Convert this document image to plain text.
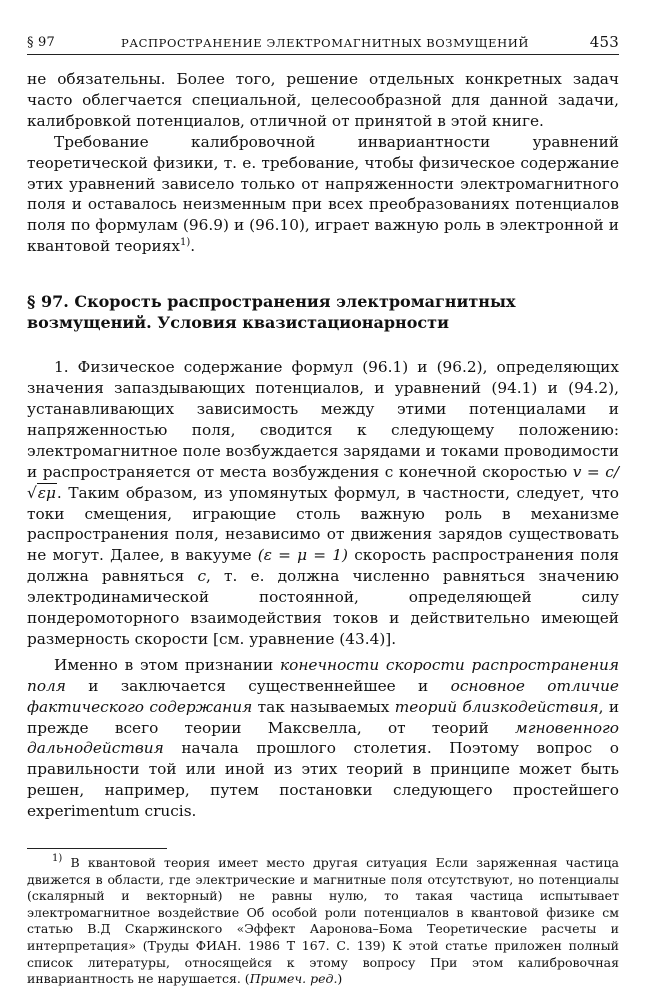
§ 97	РАСПРОСТРАНЕНИЕ ЭЛЕКТРОМАГНИТНЫХ ВОЗМУЩЕНИЙ	453

не обязательны. Более того, решение отдельных конкретных задач часто облегчается специальной, целесообразной для данной задачи, калибровкой потенциалов, отличной от принятой в этой книге.

Требование калибровочной инвариантности уравнений теоретической физики, т. е. требование, чтобы физическое содержание этих уравнений зависело только от напряженности электромагнитного поля и оставалось неизменным при всех преобразованиях потенциалов поля по формулам (96.9) и (96.10), играет важную роль в электронной и квантовой теориях$^{1)}$.

§ 97. Скорость распространения электромагнитных
возмущений. Условия квазистационарности

1. Физическое содержание формул (96.1) и (96.2), определяющих значения запаздывающих потенциалов, и уравнений (94.1) и (94.2), устанавливающих зависимость между этими потенциалами и напряженностью поля, сводится к следующему положению: электромагнитное поле возбуждается зарядами и токами проводимости и распространяется от места возбуждения с конечной скоростью v = c/√εμ. Таким образом, из упомянутых формул, в частности, следует, что токи смещения, играющие столь важную роль в механизме распространения поля, независимо от движения зарядов существовать не могут. Далее, в вакууме (ε = μ = 1) скорость распространения поля должна равняться c, т. е. должна численно равняться значению электродинамической постоянной, определяющей силу пондеромоторного взаимодействия токов и действительно имеющей размерность скорости [см. уравнение (43.4)].

Именно в этом признании конечности скорости распространения поля и заключается существеннейшее и основное отличие фактического содержания так называемых теорий близкодействия, и прежде всего теории Максвелла, от теорий мгновенного дальнодействия начала прошлого столетия. Поэтому вопрос о правильности той или иной из этих теорий в принципе может быть решен, например, путем постановки следующего простейшего experimentum crucis.

$^{1)}$ В квантовой теория имеет место другая ситуация Если заряженная частица движется в области, где электрические и магнитные поля отсутствуют, но потенциалы (скалярный и векторный) не равны нулю, то такая частица испытывает электромагнитное воздействие Об особой роли потенциалов в квантовой физике см статью В.Д Скаржинского «Эффект Ааронова–Бома Теоретические расчеты и интерпретация» (Труды ФИАН. 1986 Т 167. С. 139) К этой статье приложен полный список литературы, относящейся к этому вопросу При этом калибровочная инвариантность не нарушается. (Примеч. ред.)
